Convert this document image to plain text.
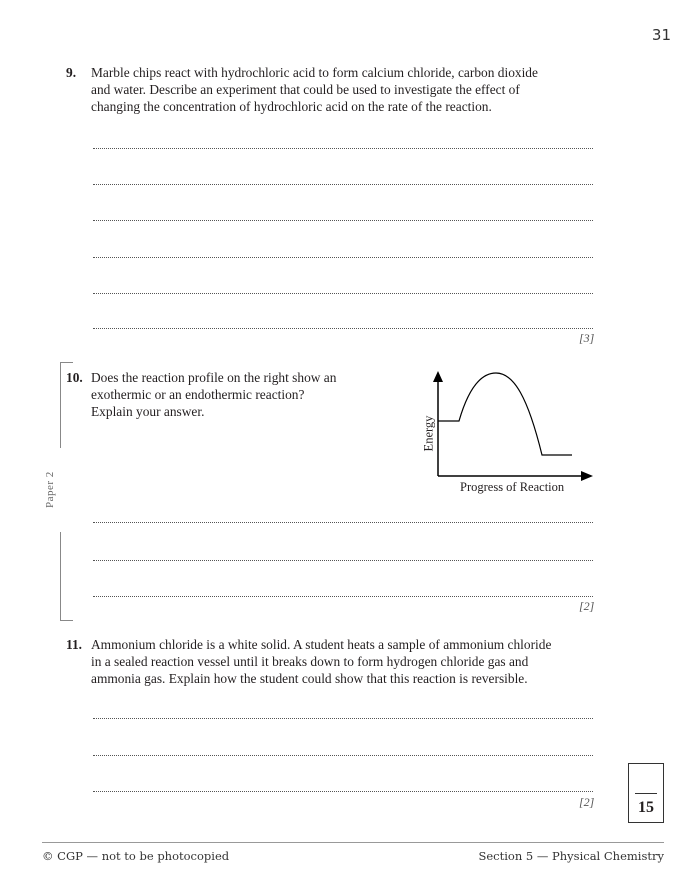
31
9. Marble chips react with hydrochloric acid to form calcium chloride, carbon dioxide
and water. Describe an experiment that could be used to investigate the effect of
changing the concentration of hydrochloric acid on the rate of the reaction.
[3]
Paper 2
10. Does the reaction profile on the right show an
exothermic or an endothermic reaction?
Explain your answer.
Energy
Progress of Reaction
[2]
11. Ammonium chloride is a white solid. A student heats a sample of ammonium chloride
in a sealed reaction vessel until it breaks down to form hydrogen chloride gas and
ammonia gas. Explain how the student could show that this reaction is reversible.
[2]	15
© CGP — not to be photocopied	Section 5 — Physical Chemistry
